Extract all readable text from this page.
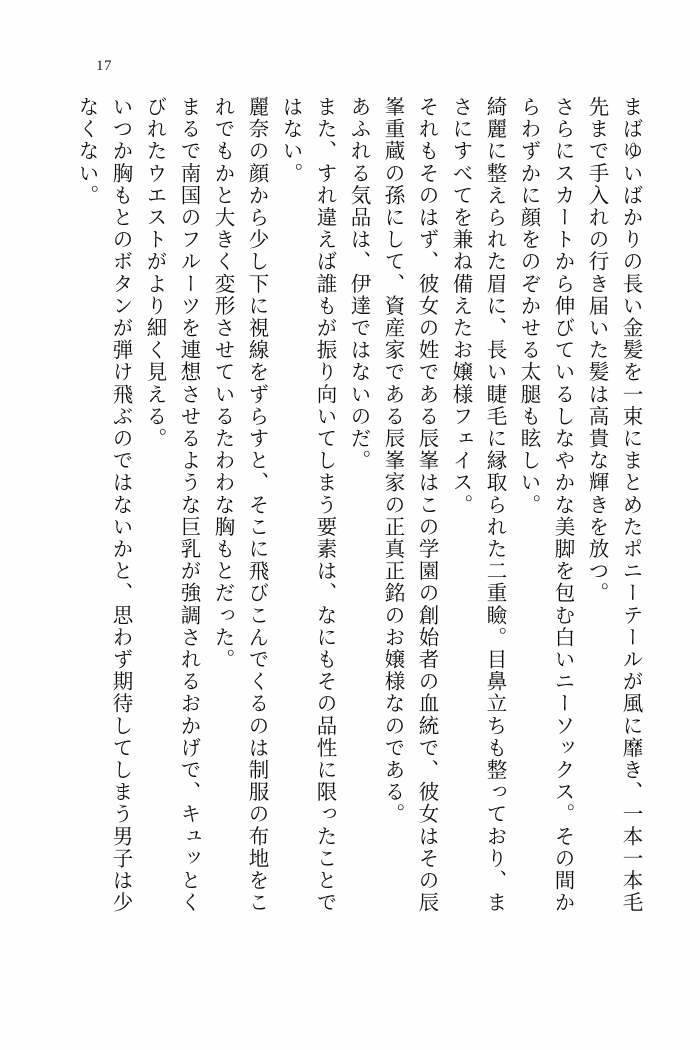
17
まばゆいばかりの長い金髪を一束にまとめたポニーテールが風に靡き、一本一本毛
先まで手入れの行き届いた髪は高貴な輝きを放つ。
さらにスカートから伸びているしなやかな美脚を包む白いニーソックス。その間か
らわずかに顔をのぞかせる太腿も眩しい。
綺麗に整えられた眉に、長い睫毛に縁取られた二重瞼。目鼻立ちも整っており、ま
さにすべてを兼ね備えたお嬢様フェイス。
それもそのはず、彼女の姓である辰峯はこの学園の創始者の血統で、彼女はその辰
峯重蔵の孫にして、資産家である辰峯家の正真正銘のお嬢様なのである。
あふれる気品は、伊達ではないのだ。
また、すれ違えば誰もが振り向いてしまう要素は、なにもその品性に限ったことで
はない。
麗奈の顔から少し下に視線をずらすと、そこに飛びこんでくるのは制服の布地をこ
れでもかと大きく変形させているたわわな胸もとだった。
まるで南国のフルーツを連想させるような巨乳が強調されるおかげで、キュッとく
びれたウエストがより細く見える。
いつか胸もとのボタンが弾け飛ぶのではないかと、思わず期待してしまう男子は少
なくない。
